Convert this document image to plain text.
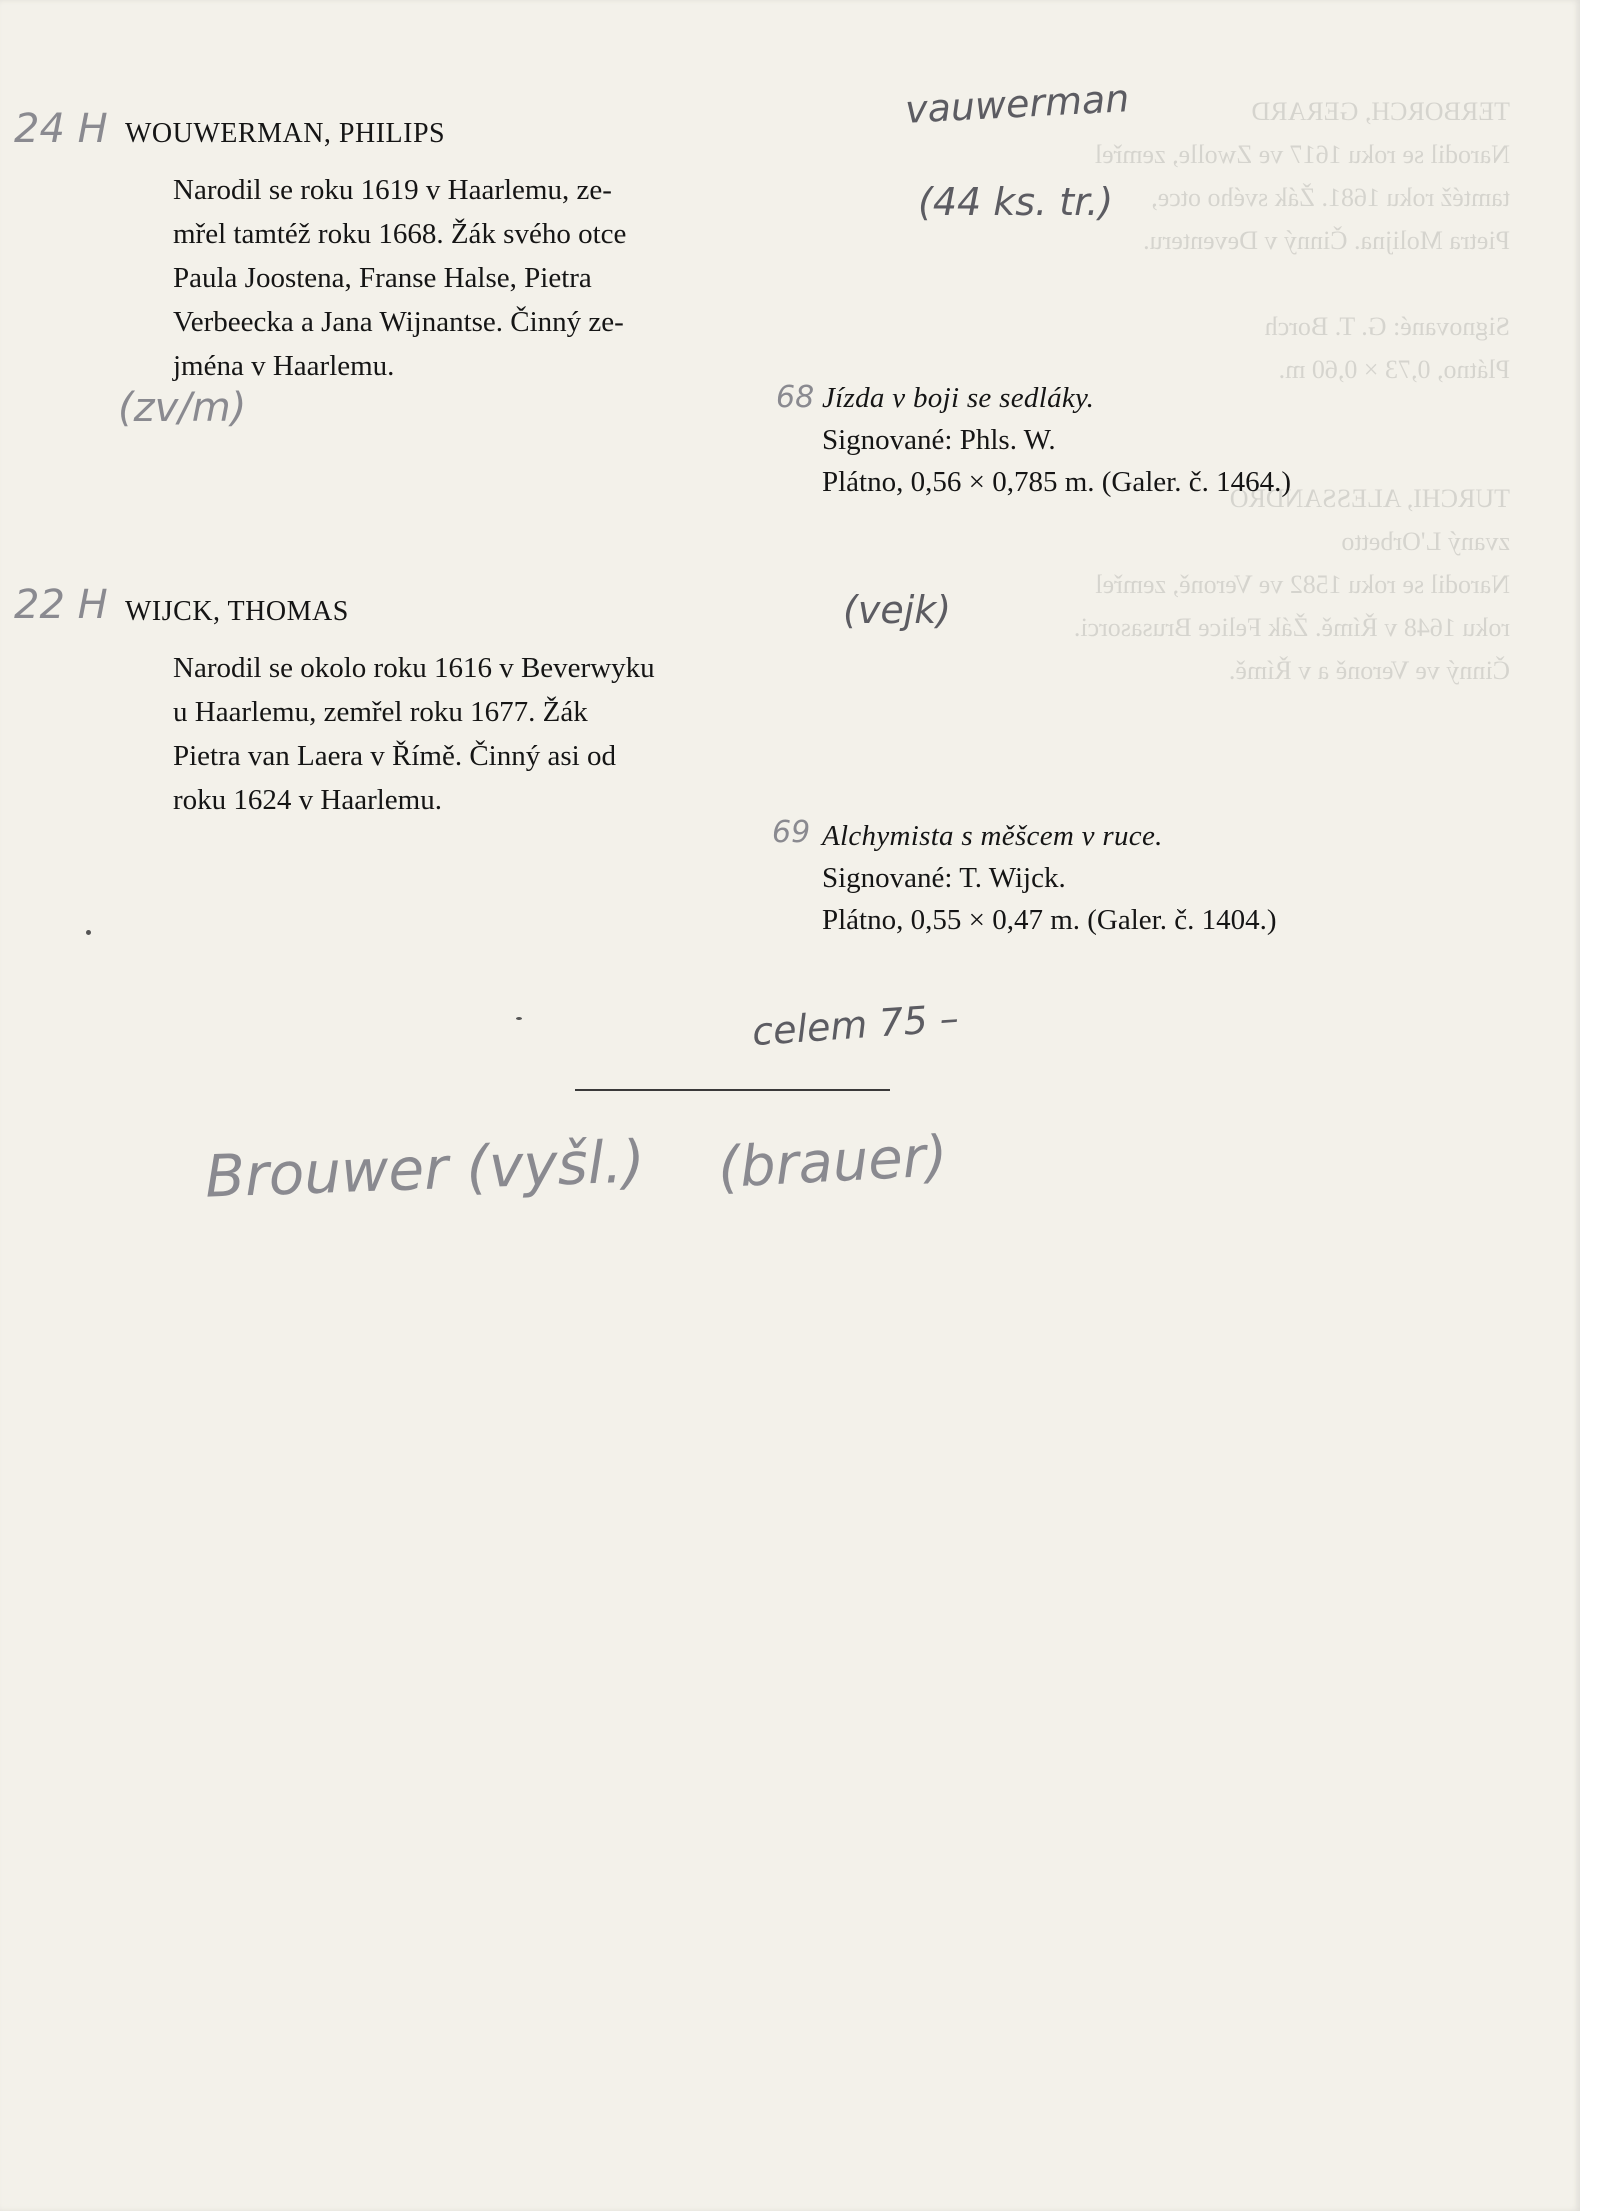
TERBORCH, GERARD
Narodil se roku 1617 ve Zwolle, zemřel
tamtéž roku 1681. Žák svého otce,
Pietra Molijna. Činný v Deventeru.

Signované: G. T. Borch
Plátno, 0,73 × 0,60 m.

TURCHI, ALESSANDRO
zvaný L'Orbetto
Narodil se roku 1582 ve Veroně, zemřel
roku 1648 v Římě. Žák Felice Brusasorci.
Činný ve Veroně a v Římě.
24 H WOUWERMAN, PHILIPS
Narodil se roku 1619 v Haarlemu, ze-
mřel tamtéž roku 1668. Žák svého otce
Paula Joostena, Franse Halse, Pietra
Verbeecka a Jana Wijnantse. Činný ze-
jména v Haarlemu.
vauwerman
(44 ks. tr.)
(zv/m)	68 Jízda v boji se sedláky.
Signované: Phls. W.
Plátno, 0,56 × 0,785 m. (Galer. č. 1464.)
22 H WIJCK, THOMAS	(vejk)
Narodil se okolo roku 1616 v Beverwyku
u Haarlemu, zemřel roku 1677. Žák
Pietra van Laera v Římě. Činný asi od
roku 1624 v Haarlemu.
69 Alchymista s měšcem v ruce.
Signované: T. Wijck.
Plátno, 0,55 × 0,47 m. (Galer. č. 1404.)
celem 75 –
Brouwer (vyšl.) (brauer)
